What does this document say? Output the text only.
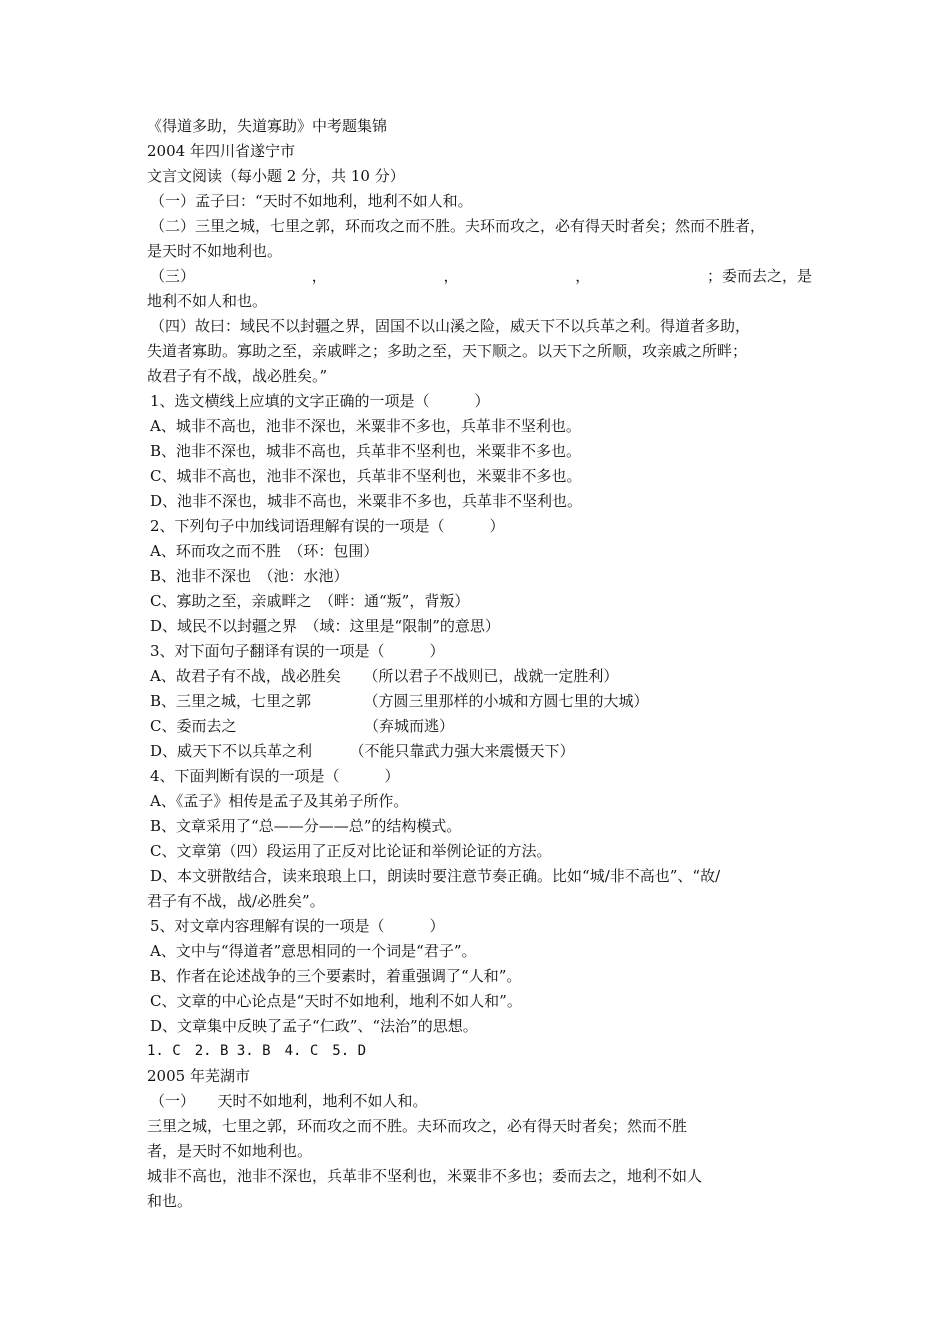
《得道多助，失道寡助》中考题集锦
2004 年四川省遂宁市
文言文阅读（每小题 2 分，共 10 分）
（一）孟子曰：“天时不如地利，地利不如人和。
（二）三里之城，七里之郭，环而攻之而不胜。夫环而攻之，必有得天时者矣；然而不胜者，
是天时不如地利也。
（三）	，	，	，	；委而去之，是
地利不如人和也。
（四）故曰：域民不以封疆之界，固国不以山溪之险，威天下不以兵革之利。得道者多助，
失道者寡助。寡助之至，亲戚畔之；多助之至，天下顺之。以天下之所顺，攻亲戚之所畔；
故君子有不战，战必胜矣。”
1、选文横线上应填的文字正确的一项是（　　　）
A、城非不高也，池非不深也，米粟非不多也，兵革非不坚利也。
B、池非不深也，城非不高也，兵革非不坚利也，米粟非不多也。
C、城非不高也，池非不深也，兵革非不坚利也，米粟非不多也。
D、池非不深也，城非不高也，米粟非不多也，兵革非不坚利也。
2、下列句子中加线词语理解有误的一项是（　　　）
A、环而攻之而不胜　（环：包围）
B、池非不深也　（池：水池）
C、寡助之至，亲戚畔之　（畔：通“叛”，背叛）
D、域民不以封疆之界　（域：这里是“限制”的意思）
3、对下面句子翻译有误的一项是（　　　）
A、故君子有不战，战必胜矣　　（所以君子不战则已，战就一定胜利）
B、三里之城，七里之郭　　　　（方圆三里那样的小城和方圆七里的大城）
C、委而去之　　　　　　　　　（弃城而逃）
D、威天下不以兵革之利　　　（不能只靠武力强大来震慑天下）
4、下面判断有误的一项是（　　　）
A、《孟子》相传是孟子及其弟子所作。
B、文章采用了“总——分——总”的结构模式。
C、文章第（四）段运用了正反对比论证和举例论证的方法。
D、本文骈散结合，读来琅琅上口，朗读时要注意节奏正确。比如“城/非不高也”、“故/
君子有不战，战/必胜矣”。
5、对文章内容理解有误的一项是（　　　）
A、文中与“得道者”意思相同的一个词是“君子”。
B、作者在论述战争的三个要素时，着重强调了“人和”。
C、文章的中心论点是“天时不如地利，地利不如人和”。
D、文章集中反映了孟子“仁政”、“法治”的思想。
1. C　2. B 3. B　4. C　5. D
2005 年芜湖市
（一）　　天时不如地利，地利不如人和。
三里之城，七里之郭，环而攻之而不胜。夫环而攻之，必有得天时者矣；然而不胜
者，是天时不如地利也。
城非不高也，池非不深也，兵革非不坚利也，米粟非不多也；委而去之，地利不如人
和也。
